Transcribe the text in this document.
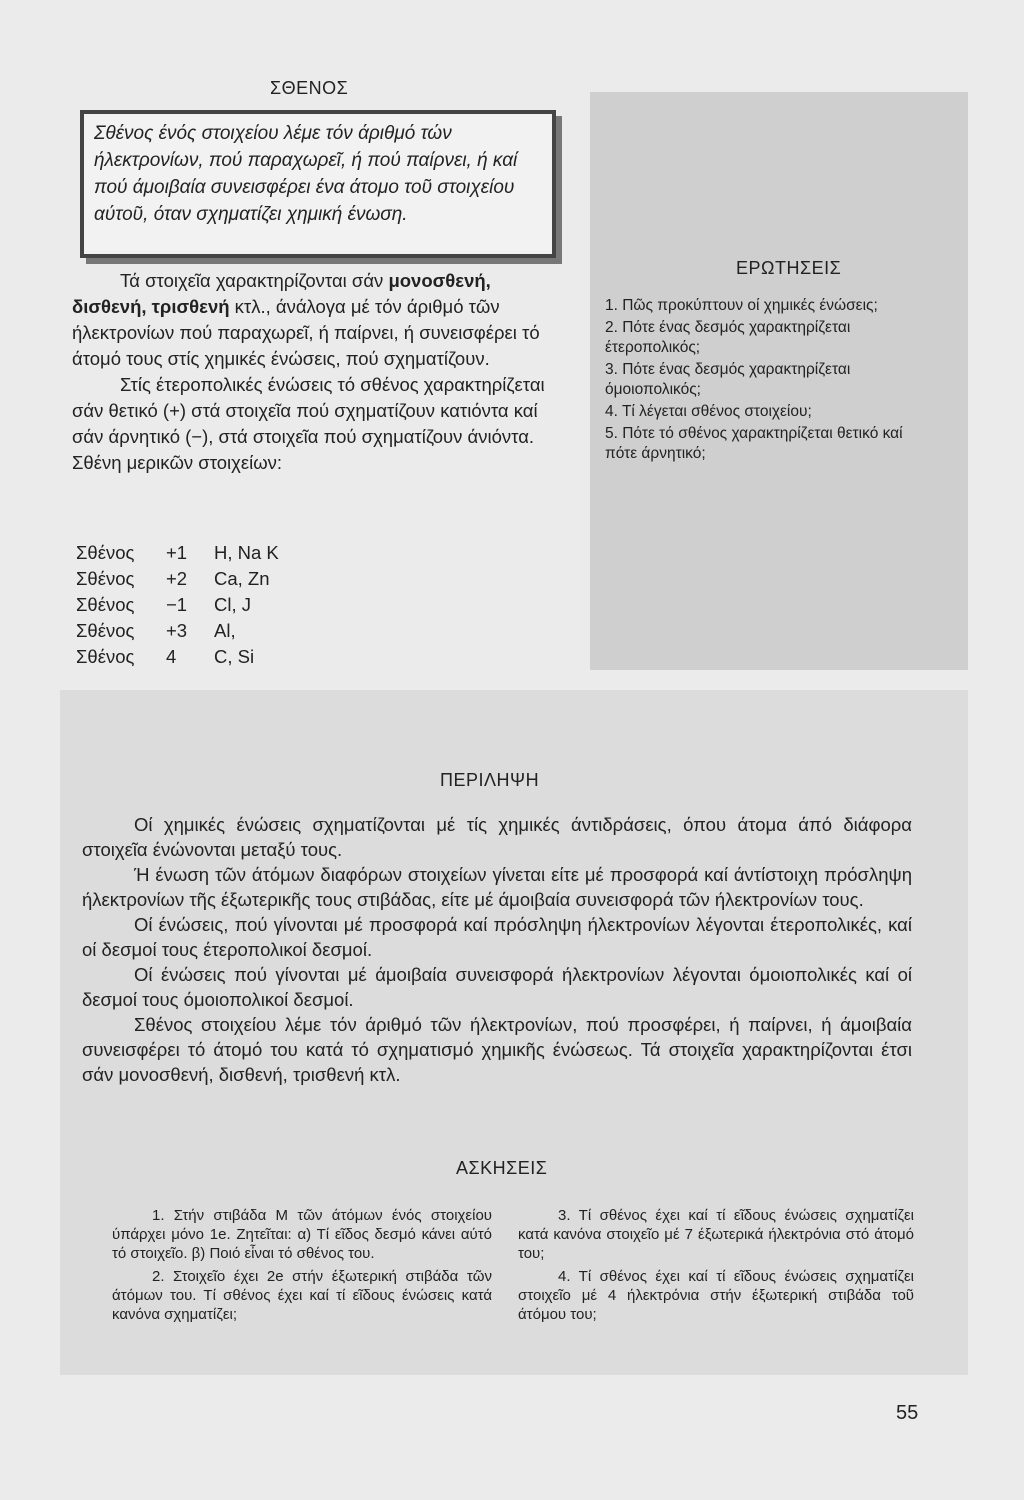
ΣΘΕΝΟΣ

Σθένος ένός στοιχείου λέμε τόν άριθμό τών ήλεκτρονίων, πού παραχωρεῖ, ή πού παίρνει, ή καί πού άμοιβαία συνεισφέρει ένα άτομο τοῦ στοιχείου αύτοῦ, όταν σχηματίζει χημική ένωση.

Τά στοιχεῖα χαρακτηρίζονται σάν μονοσθενή, δισθενή, τρισθενή κτλ., άνάλογα μέ τόν άριθμό τῶν ήλεκτρονίων πού παραχωρεῖ, ή παίρνει, ή συνεισφέρει τό άτομό τους στίς χημικές ένώσεις, πού σχηματίζουν.

Στίς έτεροπολικές ένώσεις τό σθένος χαρακτηρίζεται σάν θετικό (+) στά στοιχεῖα πού σχηματίζουν κατιόντα καί σάν άρνητικό (−), στά στοιχεῖα πού σχηματίζουν άνιόντα. Σθένη μερικῶν στοιχείων:

Σθένος	+1	H, Na K
Σθένος	+2	Ca, Zn
Σθένος	−1	Cl, J
Σθένος	+3	Al,
Σθένος	4	C, Si
ΕΡΩΤΗΣΕΙΣ
1. Πῶς προκύπτουν οί χημικές ένώσεις;
2. Πότε ένας δεσμός χαρακτηρίζεται έτεροπολικός;
3. Πότε ένας δεσμός χαρακτηρίζεται όμοιοπολικός;
4. Τί λέγεται σθένος στοιχείου;
5. Πότε τό σθένος χαρακτηρίζεται θετικό καί πότε άρνητικό;
ΠΕΡΙΛΗΨΗ

Οί χημικές ένώσεις σχηματίζονται μέ τίς χημικές άντιδράσεις, όπου άτομα άπό διάφορα στοιχεῖα ένώνονται μεταξύ τους.

Ή ένωση τῶν άτόμων διαφόρων στοιχείων γίνεται είτε μέ προσφορά καί άντίστοιχη πρόσληψη ήλεκτρονίων τῆς έξωτερικῆς τους στιβάδας, είτε μέ άμοιβαία συνεισφορά τῶν ήλεκτρονίων τους.

Οί ένώσεις, πού γίνονται μέ προσφορά καί πρόσληψη ήλεκτρονίων λέγονται έτεροπολικές, καί οί δεσμοί τους έτεροπολικοί δεσμοί.

Οί ένώσεις πού γίνονται μέ άμοιβαία συνεισφορά ήλεκτρονίων λέγονται όμοιοπολικές καί οί δεσμοί τους όμοιοπολικοί δεσμοί.

Σθένος στοιχείου λέμε τόν άριθμό τῶν ήλεκτρονίων, πού προσφέρει, ή παίρνει, ή άμοιβαία συνεισφέρει τό άτομό του κατά τό σχηματισμό χημικῆς ένώσεως. Τά στοιχεῖα χαρακτηρίζονται έτσι σάν μονοσθενή, δισθενή, τρισθενή κτλ.

ΑΣΚΗΣΕΙΣ

1. Στήν στιβάδα Μ τῶν άτόμων ένός στοιχείου ύπάρχει μόνο 1e. Ζητεῖται: α) Τί εῖδος δεσμό κάνει αύτό τό στοιχεῖο. β) Ποιό εἶναι τό σθένος του.

2. Στοιχεῖο έχει 2e στήν έξωτερική στιβάδα τῶν άτόμων του. Τί σθένος έχει καί τί εῖδους ένώσεις κατά κανόνα σχηματίζει;

3. Τί σθένος έχει καί τί εῖδους ένώσεις σχηματίζει κατά κανόνα στοιχεῖο μέ 7 έξωτερικά ήλεκτρόνια στό άτομό του;

4. Τί σθένος έχει καί τί εῖδους ένώσεις σχηματίζει στοιχεῖο μέ 4 ήλεκτρόνια στήν έξωτερική στιβάδα τοῦ άτόμου του;

55
